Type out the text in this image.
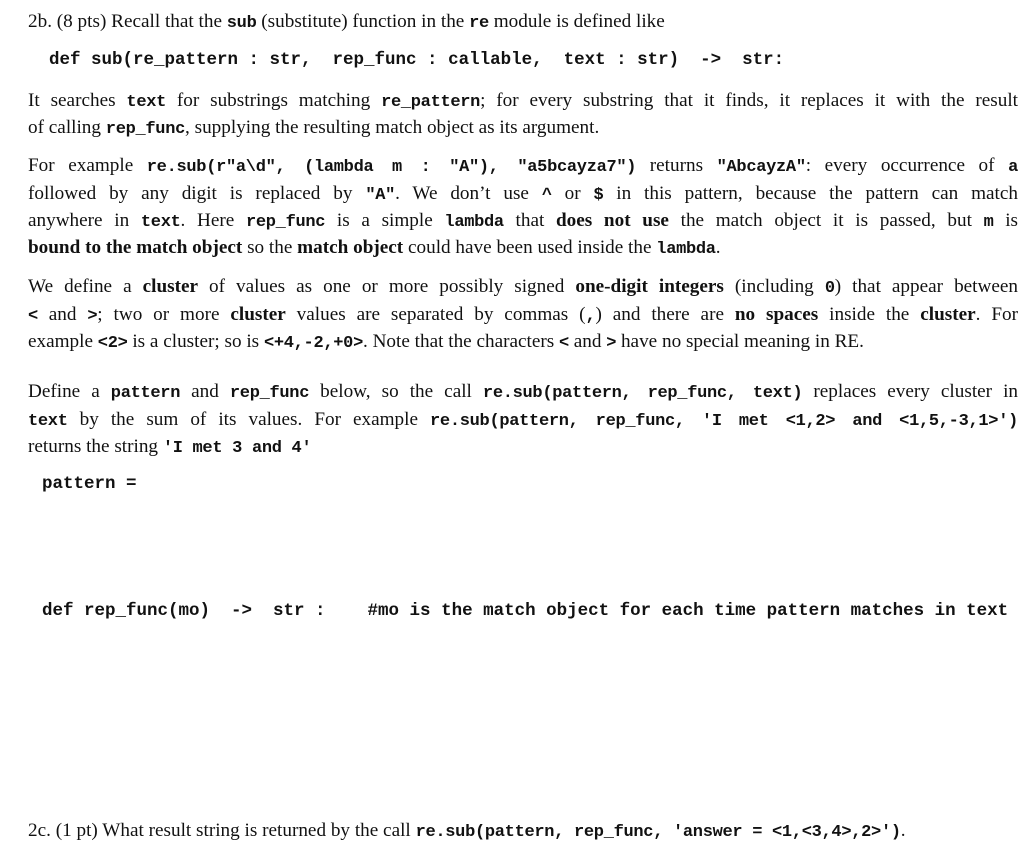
2b. (8 pts) Recall that the sub (substitute) function in the re module is defined like
def sub(re_pattern : str,  rep_func : callable,  text : str)  ->  str:
It searches text for substrings matching re_pattern; for every substring that it finds, it replaces it with the result
of calling rep_func, supplying the resulting match object as its argument.
For example re.sub(r"a\d", (lambda m : "A"), "a5bcayza7") returns "AbcayzA": every occurrence of a
followed by any digit is replaced by "A". We don’t use ^ or $ in this pattern, because the pattern can match
anywhere in text. Here rep_func is a simple lambda that does not use the match object it is passed, but m is
bound to the match object so the match object could have been used inside the lambda.
We define a cluster of values as one or more possibly signed one-digit integers (including 0) that appear between
< and >; two or more cluster values are separated by commas (,) and there are no spaces inside the cluster. For
example <2> is a cluster; so is <+4,-2,+0>. Note that the characters < and > have no special meaning in RE.
Define a pattern and rep_func below, so the call re.sub(pattern, rep_func, text) replaces every cluster in
text by the sum of its values. For example re.sub(pattern, rep_func, 'I met <1,2> and <1,5,-3,1>')
returns the string 'I met 3 and 4'
pattern =
def rep_func(mo)  ->  str :    #mo is the match object for each time pattern matches in text
2c. (1 pt) What result string is returned by the call re.sub(pattern, rep_func, 'answer = <1,<3,4>,2>').
